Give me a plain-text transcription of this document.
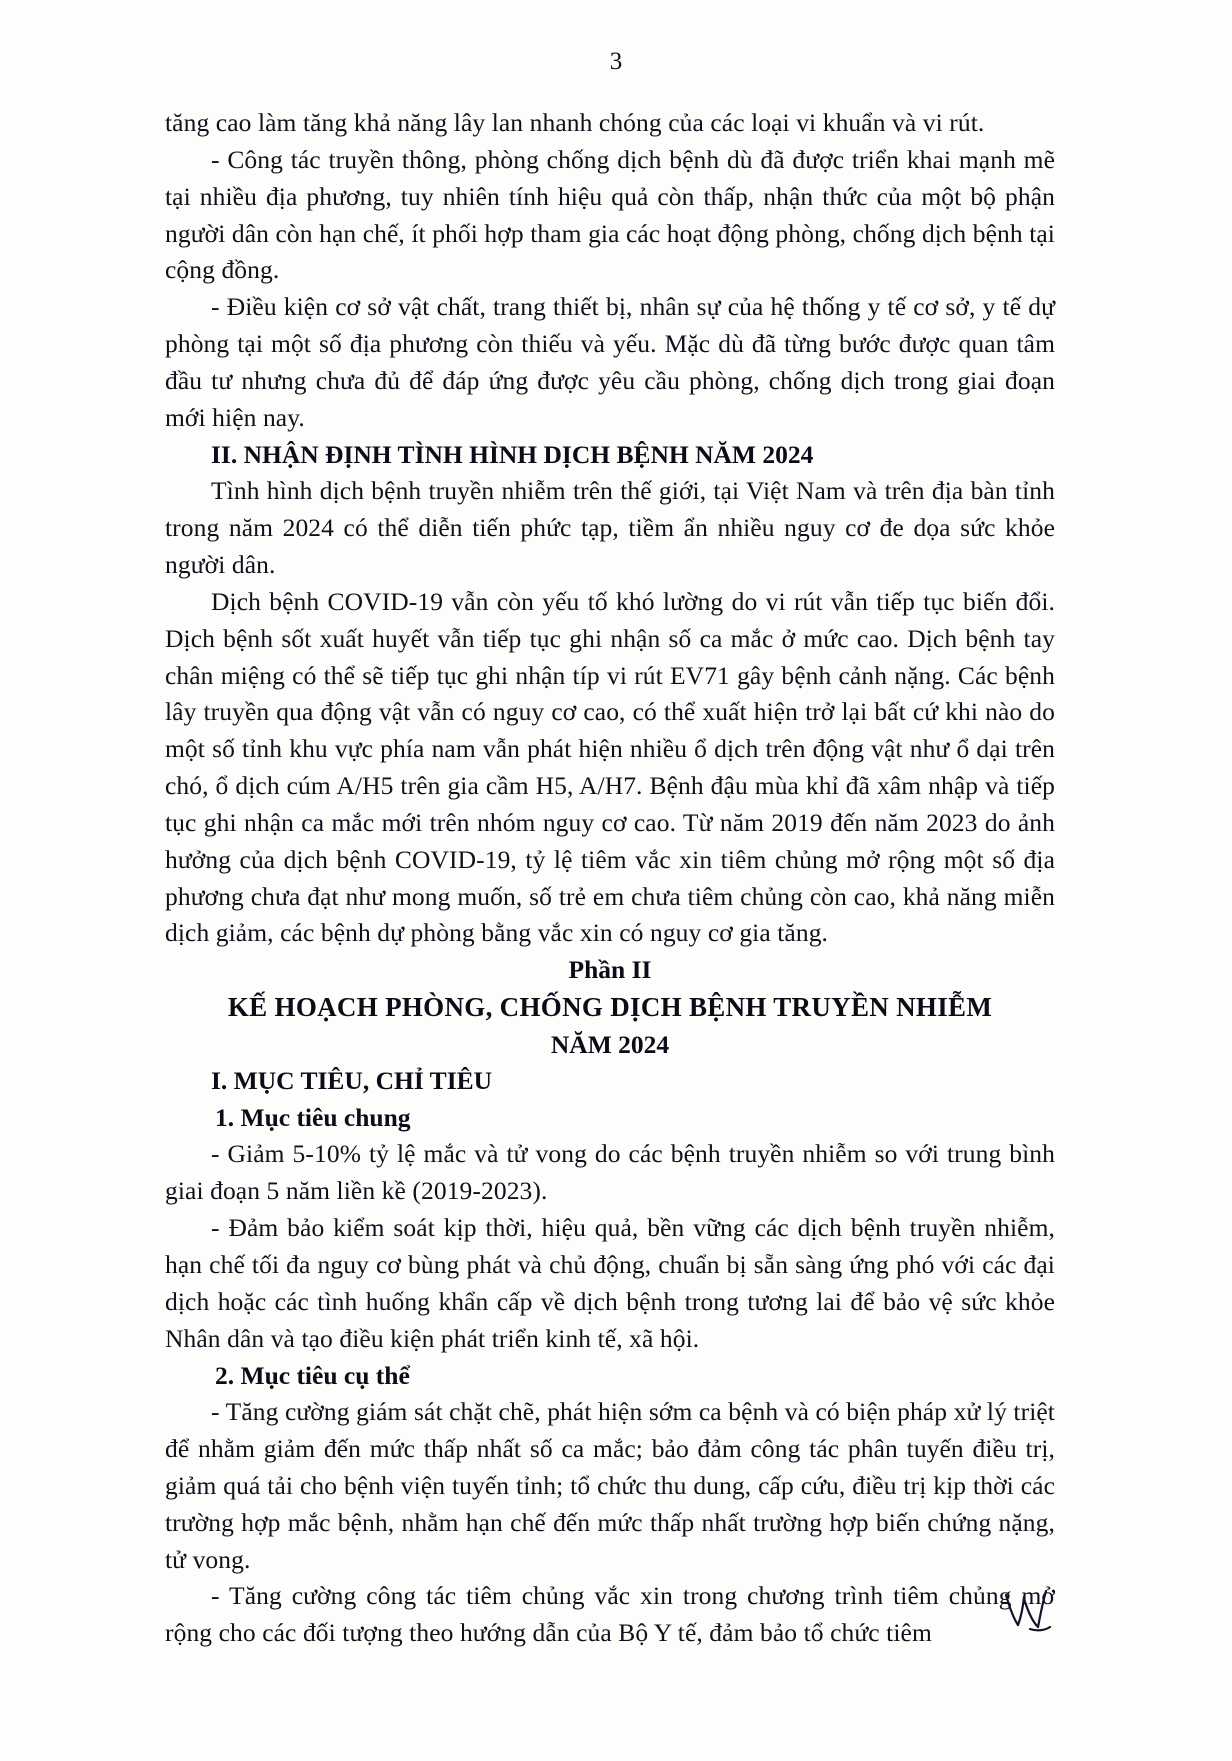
3

tăng cao làm tăng khả năng lây lan nhanh chóng của các loại vi khuẩn và vi rút.

- Công tác truyền thông, phòng chống dịch bệnh dù đã được triển khai mạnh mẽ tại nhiều địa phương, tuy nhiên tính hiệu quả còn thấp, nhận thức của một bộ phận người dân còn hạn chế, ít phối hợp tham gia các hoạt động phòng, chống dịch bệnh tại cộng đồng.

- Điều kiện cơ sở vật chất, trang thiết bị, nhân sự của hệ thống y tế cơ sở, y tế dự phòng tại một số địa phương còn thiếu và yếu. Mặc dù đã từng bước được quan tâm đầu tư nhưng chưa đủ để đáp ứng được yêu cầu phòng, chống dịch trong giai đoạn mới hiện nay.

II. NHẬN ĐỊNH TÌNH HÌNH DỊCH BỆNH NĂM 2024

Tình hình dịch bệnh truyền nhiễm trên thế giới, tại Việt Nam và trên địa bàn tỉnh trong năm 2024 có thể diễn tiến phức tạp, tiềm ẩn nhiều nguy cơ đe dọa sức khỏe người dân.

Dịch bệnh COVID-19 vẫn còn yếu tố khó lường do vi rút vẫn tiếp tục biến đổi. Dịch bệnh sốt xuất huyết vẫn tiếp tục ghi nhận số ca mắc ở mức cao. Dịch bệnh tay chân miệng có thể sẽ tiếp tục ghi nhận típ vi rút EV71 gây bệnh cảnh nặng. Các bệnh lây truyền qua động vật vẫn có nguy cơ cao, có thể xuất hiện trở lại bất cứ khi nào do một số tỉnh khu vực phía nam vẫn phát hiện nhiều ổ dịch trên động vật như ổ dại trên chó, ổ dịch cúm A/H5 trên gia cầm H5, A/H7. Bệnh đậu mùa khỉ đã xâm nhập và tiếp tục ghi nhận ca mắc mới trên nhóm nguy cơ cao. Từ năm 2019 đến năm 2023 do ảnh hưởng của dịch bệnh COVID-19, tỷ lệ tiêm vắc xin tiêm chủng mở rộng một số địa phương chưa đạt như mong muốn, số trẻ em chưa tiêm chủng còn cao, khả năng miễn dịch giảm, các bệnh dự phòng bằng vắc xin có nguy cơ gia tăng.

Phần II

KẾ HOẠCH PHÒNG, CHỐNG DỊCH BỆNH TRUYỀN NHIỄM

NĂM 2024

I. MỤC TIÊU, CHỈ TIÊU

1. Mục tiêu chung

- Giảm 5-10% tỷ lệ mắc và tử vong do các bệnh truyền nhiễm so với trung bình giai đoạn 5 năm liền kề (2019-2023).

- Đảm bảo kiểm soát kịp thời, hiệu quả, bền vững các dịch bệnh truyền nhiễm, hạn chế tối đa nguy cơ bùng phát và chủ động, chuẩn bị sẵn sàng ứng phó với các đại dịch hoặc các tình huống khẩn cấp về dịch bệnh trong tương lai để bảo vệ sức khỏe Nhân dân và tạo điều kiện phát triển kinh tế, xã hội.

2. Mục tiêu cụ thể

- Tăng cường giám sát chặt chẽ, phát hiện sớm ca bệnh và có biện pháp xử lý triệt để nhằm giảm đến mức thấp nhất số ca mắc; bảo đảm công tác phân tuyến điều trị, giảm quá tải cho bệnh viện tuyến tỉnh; tổ chức thu dung, cấp cứu, điều trị kịp thời các trường hợp mắc bệnh, nhằm hạn chế đến mức thấp nhất trường hợp biến chứng nặng, tử vong.

- Tăng cường công tác tiêm chủng vắc xin trong chương trình tiêm chủng mở rộng cho các đối tượng theo hướng dẫn của Bộ Y tế, đảm bảo tổ chức tiêm
